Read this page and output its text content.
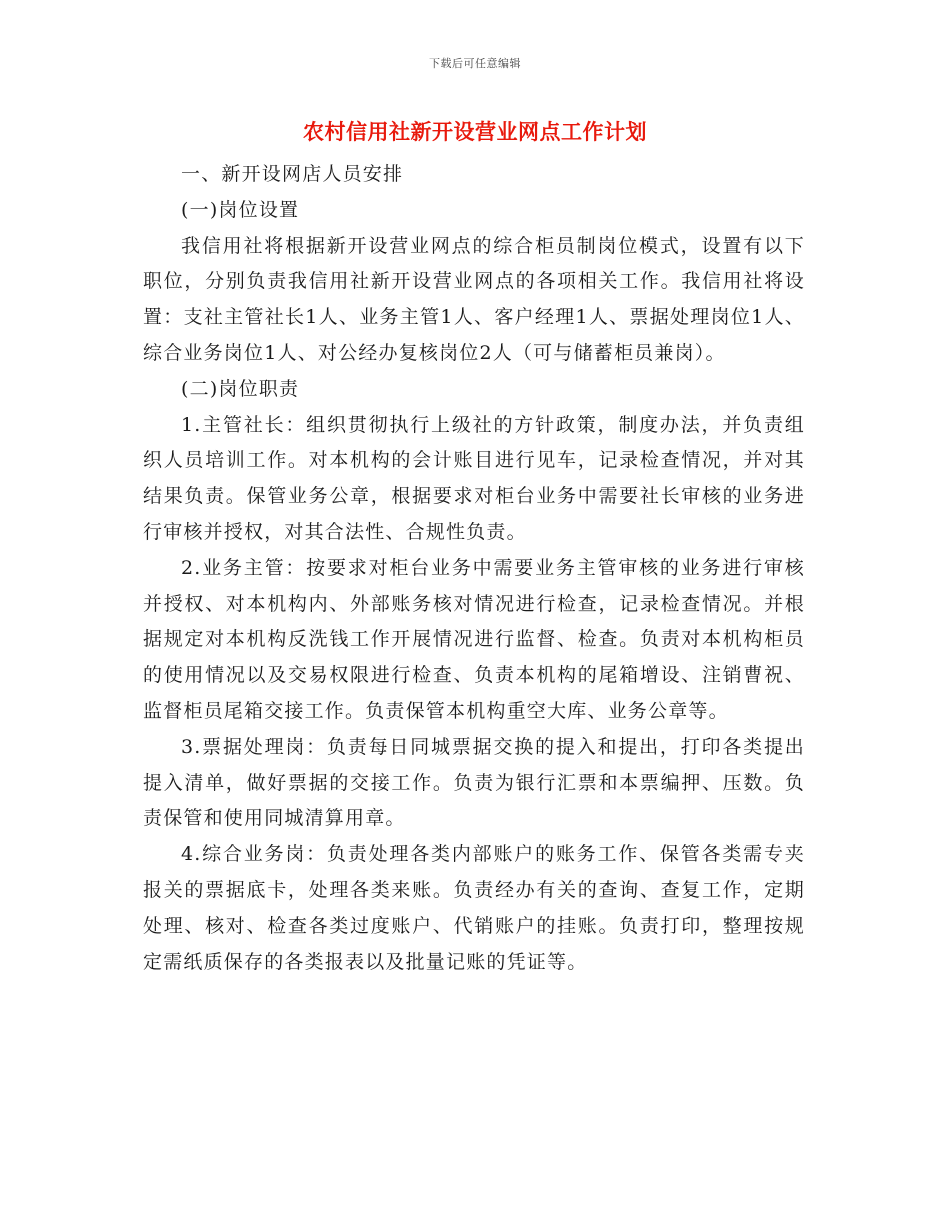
下载后可任意编辑
农村信用社新开设营业网点工作计划

一、新开设网店人员安排

(一)岗位设置

我信用社将根据新开设营业网点的综合柜员制岗位模式，设置有以下职位，分别负责我信用社新开设营业网点的各项相关工作。我信用社将设置：支社主管社长1人、业务主管1人、客户经理1人、票据处理岗位1人、综合业务岗位1人、对公经办复核岗位2人（可与储蓄柜员兼岗）。

(二)岗位职责

1.主管社长：组织贯彻执行上级社的方针政策，制度办法，并负责组织人员培训工作。对本机构的会计账目进行见车，记录检查情况，并对其结果负责。保管业务公章，根据要求对柜台业务中需要社长审核的业务进行审核并授权，对其合法性、合规性负责。

2.业务主管：按要求对柜台业务中需要业务主管审核的业务进行审核并授权、对本机构内、外部账务核对情况进行检查，记录检查情况。并根据规定对本机构反洗钱工作开展情况进行监督、检查。负责对本机构柜员的使用情况以及交易权限进行检查、负责本机构的尾箱增设、注销曹祝、监督柜员尾箱交接工作。负责保管本机构重空大库、业务公章等。

3.票据处理岗：负责每日同城票据交换的提入和提出，打印各类提出提入清单，做好票据的交接工作。负责为银行汇票和本票编押、压数。负责保管和使用同城清算用章。

4.综合业务岗：负责处理各类内部账户的账务工作、保管各类需专夹报关的票据底卡，处理各类来账。负责经办有关的查询、查复工作，定期处理、核对、检查各类过度账户、代销账户的挂账。负责打印，整理按规定需纸质保存的各类报表以及批量记账的凭证等。
